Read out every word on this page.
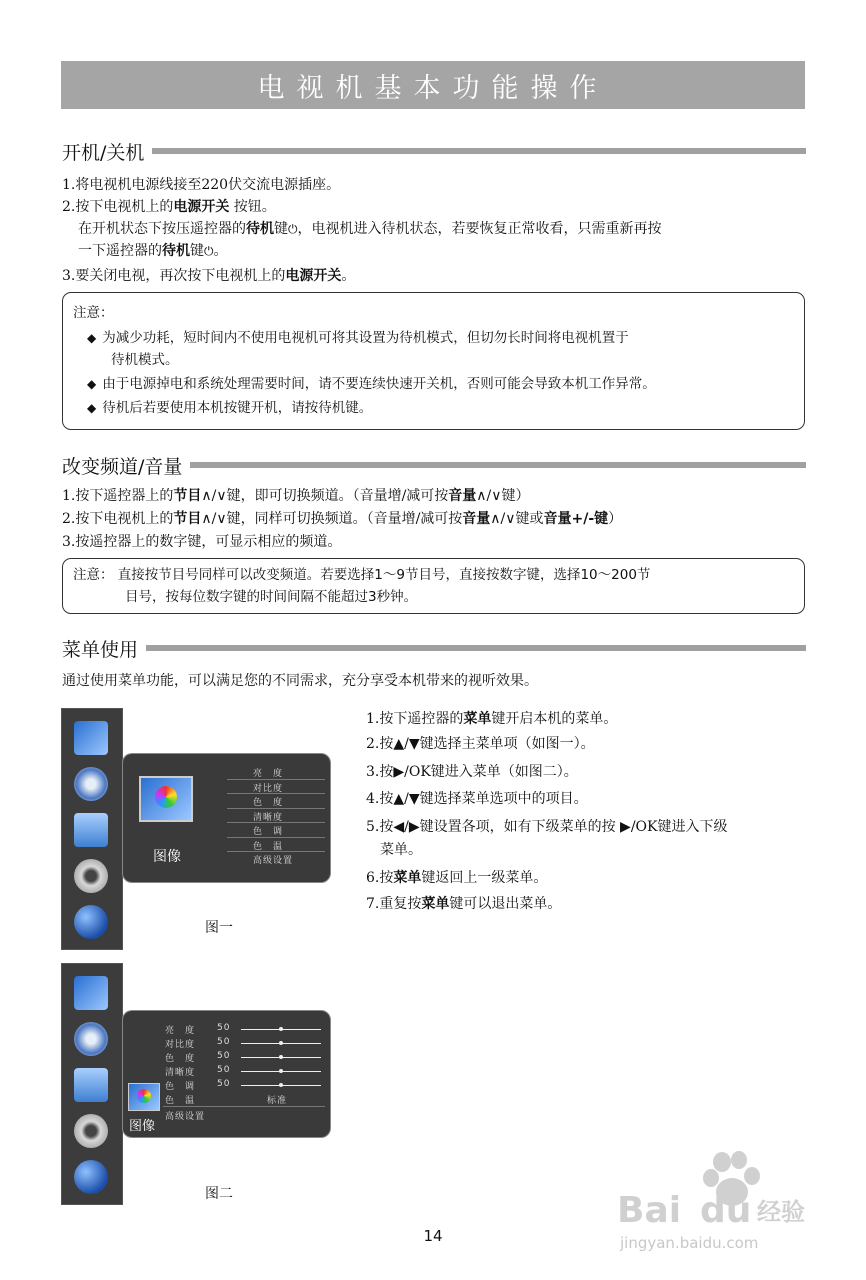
电视机基本功能操作
开机/关机
1.将电视机电源线接至220伏交流电源插座。
2.按下电视机上的电源开关 按钮。
在开机状态下按压遥控器的待机键⏻，电视机进入待机状态，若要恢复正常收看，只需重新再按
一下遥控器的待机键⏻。
3.要关闭电视，再次按下电视机上的电源开关。
注意：
◆ 为减少功耗，短时间内不使用电视机可将其设置为待机模式，但切勿长时间将电视机置于
待机模式。
◆ 由于电源掉电和系统处理需要时间，请不要连续快速开关机，否则可能会导致本机工作异常。
◆ 待机后若要使用本机按键开机，请按待机键。
改变频道/音量
1.按下遥控器上的节目∧/∨键，即可切换频道。（音量增/减可按音量∧/∨键）
2.按下电视机上的节目∧/∨键，同样可切换频道。（音量增/减可按音量∧/∨键或音量+/-键）
3.按遥控器上的数字键，可显示相应的频道。
注意： 直接按节目号同样可以改变频道。若要选择1～9节目号，直接按数字键，选择10～200节
目号，按每位数字键的时间间隔不能超过3秒钟。
菜单使用
通过使用菜单功能，可以满足您的不同需求，充分享受本机带来的视听效果。
图像
亮　度
对比度
色　度
清晰度
色　调
色　温
高级设置
图一
图像
亮　度 50
对比度 50
色　度 50
清晰度 50
色　调 50
色　温	标准
高级设置
图二
1.按下遥控器的菜单键开启本机的菜单。
2.按▲/▼键选择主菜单项（如图一）。
3.按▶/OK键进入菜单（如图二）。
4.按▲/▼键选择菜单选项中的项目。
5.按◀/▶键设置各项，如有下级菜单的按 ▶/OK键进入下级
菜单。
6.按菜单键返回上一级菜单。
7.重复按菜单键可以退出菜单。
14
Bai du 经验
jingyan.baidu.com
